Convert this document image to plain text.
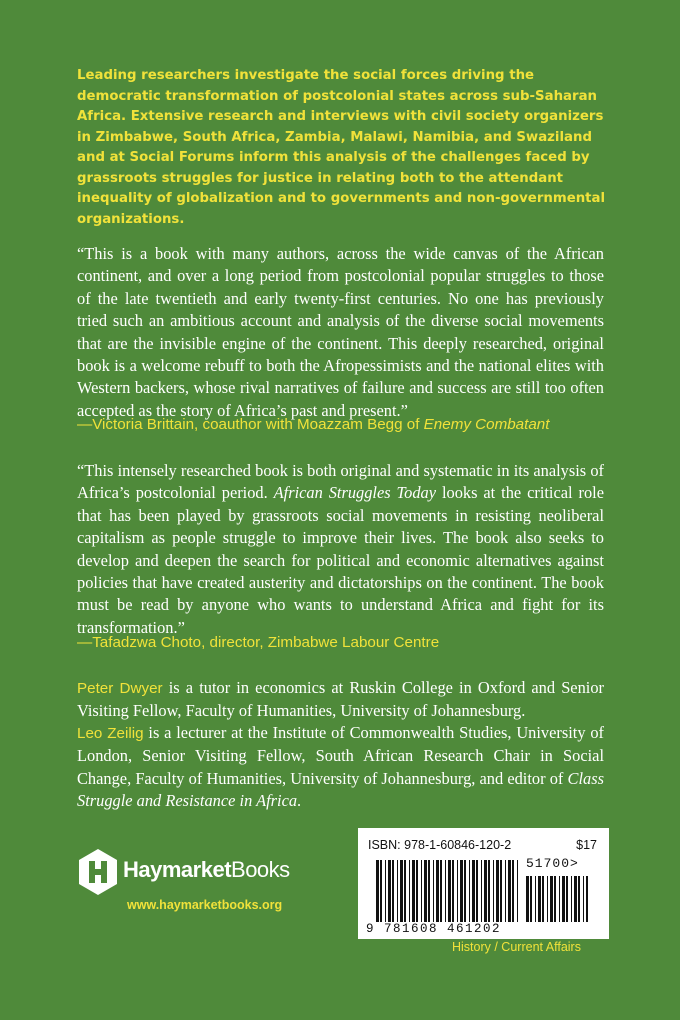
Leading researchers investigate the social forces driving the democratic transformation of postcolonial states across sub-Saharan Africa. Extensive research and interviews with civil society organizers in Zimbabwe, South Africa, Zambia, Malawi, Namibia, and Swaziland and at Social Forums inform this analysis of the challenges faced by grassroots struggles for justice in relating both to the attendant inequality of globalization and to governments and non-governmental organizations.

“This is a book with many authors, across the wide canvas of the African continent, and over a long period from postcolonial popular struggles to those of the late twentieth and early twenty-first centuries. No one has previously tried such an ambitious account and analysis of the diverse social movements that are the invisible engine of the continent. This deeply researched, original book is a welcome rebuff to both the Afropessimists and the national elites with Western backers, whose rival narratives of failure and success are still too often accepted as the story of Africa’s past and present.”

—Victoria Brittain, coauthor with Moazzam Begg of Enemy Combatant

“This intensely researched book is both original and systematic in its analysis of Africa’s postcolonial period. African Struggles Today looks at the critical role that has been played by grassroots social movements in resisting neoliberal capitalism as people struggle to improve their lives. The book also seeks to develop and deepen the search for political and economic alternatives against policies that have created austerity and dictatorships on the continent. The book must be read by anyone who wants to understand Africa and fight for its transformation.”

—Tafadzwa Choto, director, Zimbabwe Labour Centre

Peter Dwyer is a tutor in economics at Ruskin College in Oxford and Senior Visiting Fellow, Faculty of Humanities, University of Johannesburg.

Leo Zeilig is a lecturer at the Institute of Commonwealth Studies, University of London, Senior Visiting Fellow, South African Research Chair in Social Change, Faculty of Humanities, University of Johannesburg, and editor of Class Struggle and Resistance in Africa.

HaymarketBooks
www.haymarketbooks.org
ISBN: 978-1-60846-120-2	$17
51700>
9 781608 461202
History / Current Affairs
